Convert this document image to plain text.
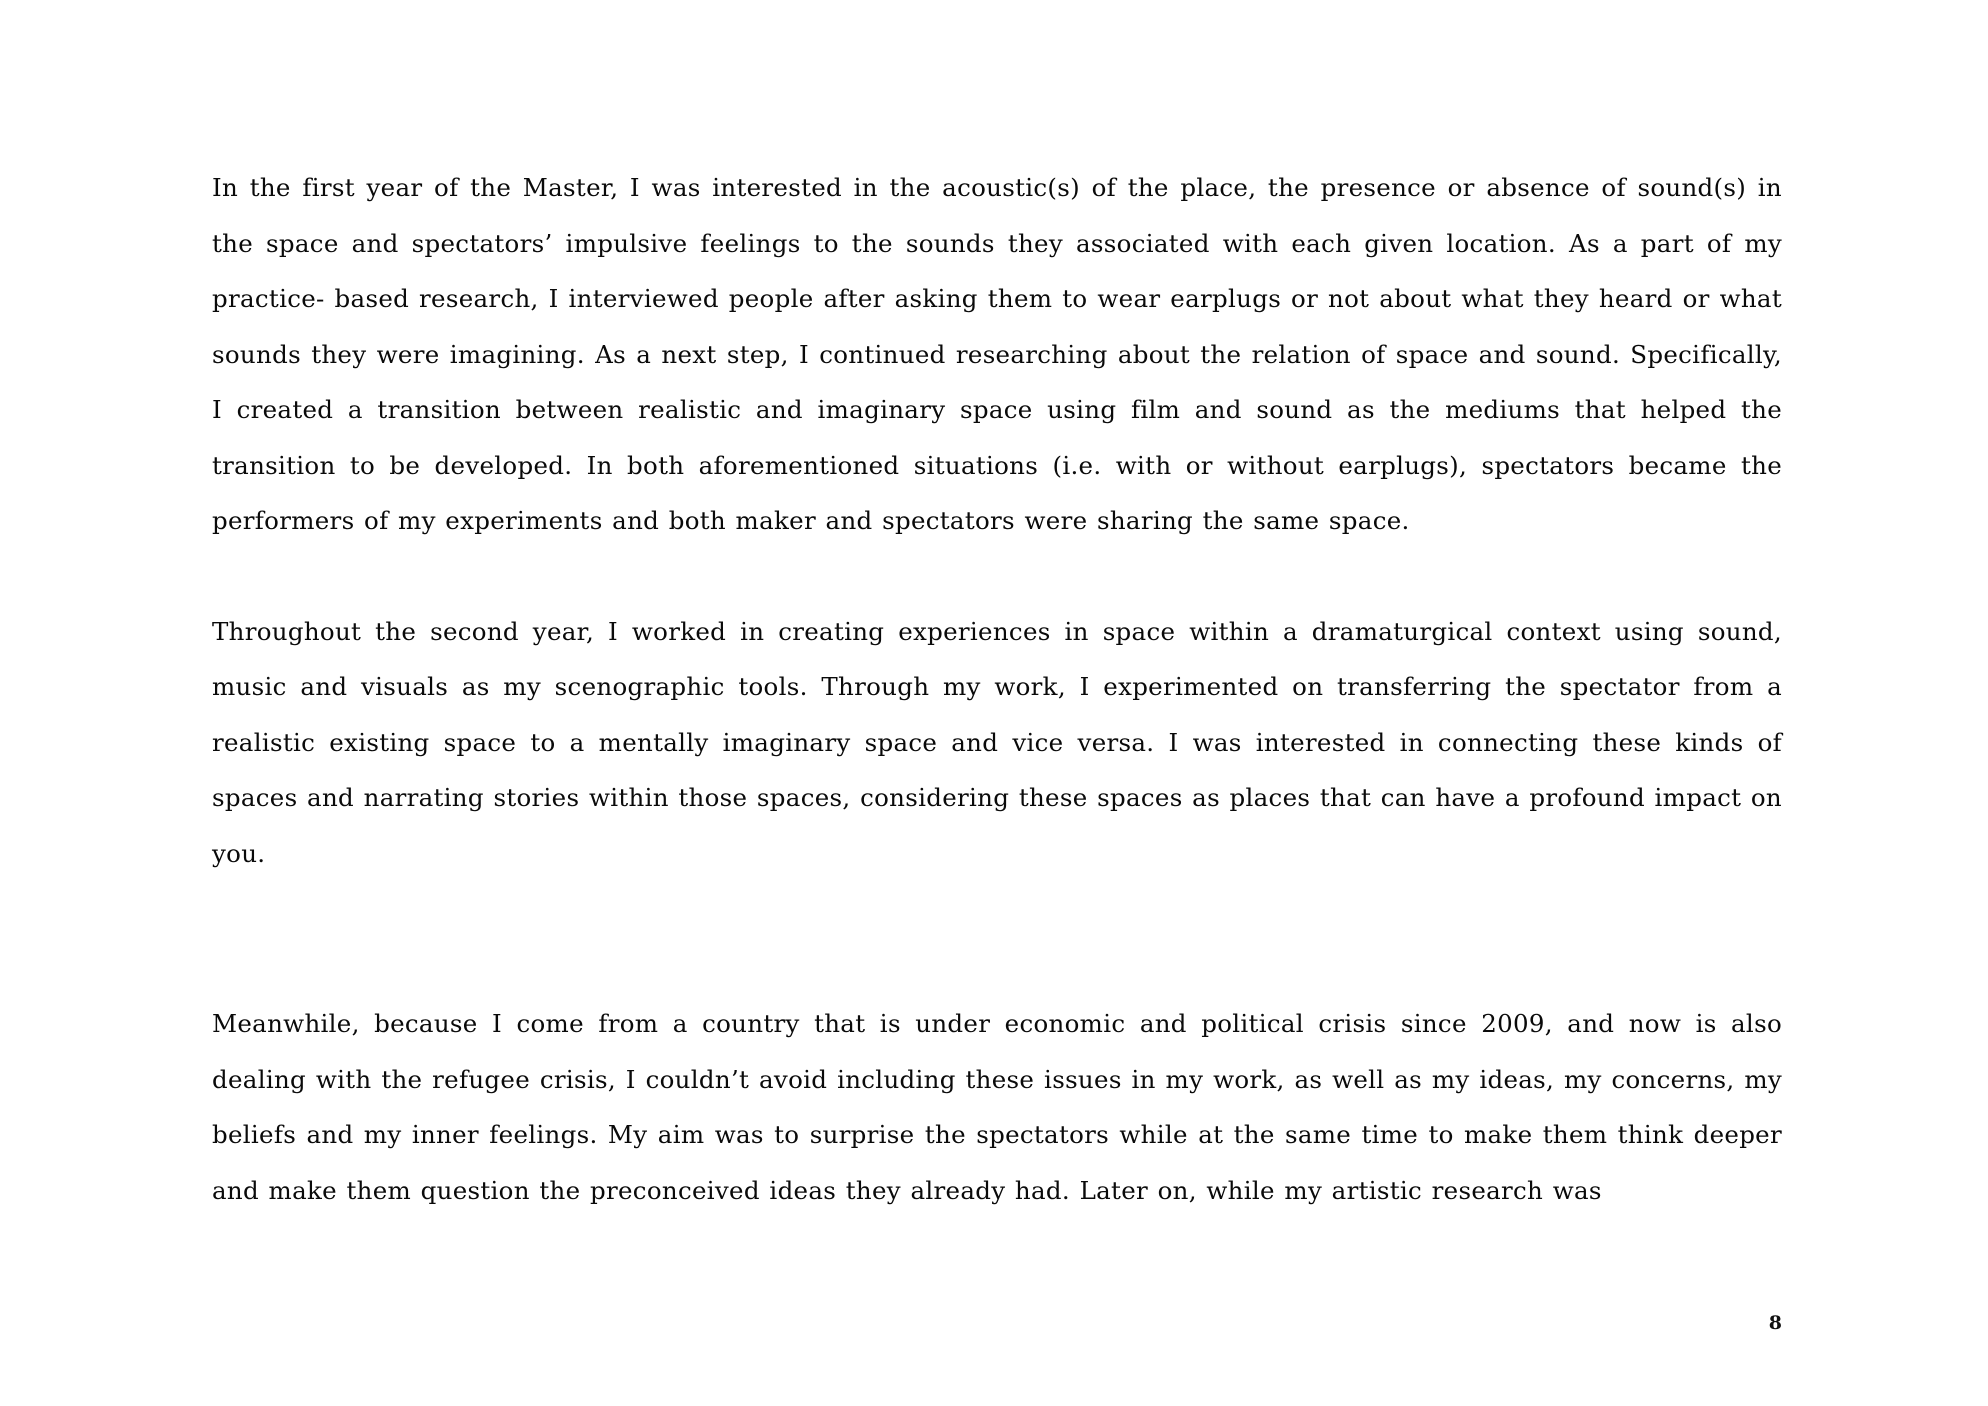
In the first year of the Master, I was interested in the acoustic(s) of the place, the presence or absence of sound(s) in the space and spectators’ impulsive feelings to the sounds they associated with each given location. As a part of my practice- based research, I interviewed people after asking them to wear earplugs or not about what they heard or what sounds they were imagining. As a next step, I continued researching about the relation of space and sound. Specifically, I created a transition between realistic and imaginary space using film and sound as the mediums that helped the transition to be developed. In both aforementioned situations (i.e. with or without earplugs), spectators became the performers of my experiments and both maker and spectators were sharing the same space.

Throughout the second year, I worked in creating experiences in space within a dramaturgical context using sound, music and visuals as my scenographic tools. Through my work, I experimented on transferring the spectator from a realistic existing space to a mentally imaginary space and vice versa. I was interested in connecting these kinds of spaces and narrating stories within those spaces, considering these spaces as places that can have a profound impact on you.

Meanwhile, because I come from a country that is under economic and political crisis since 2009, and now is also dealing with the refugee crisis, I couldn’t avoid including these issues in my work, as well as my ideas, my concerns, my beliefs and my inner feelings. My aim was to surprise the spectators while at the same time to make them think deeper and make them question the preconceived ideas they already had. Later on, while my artistic research was

8
